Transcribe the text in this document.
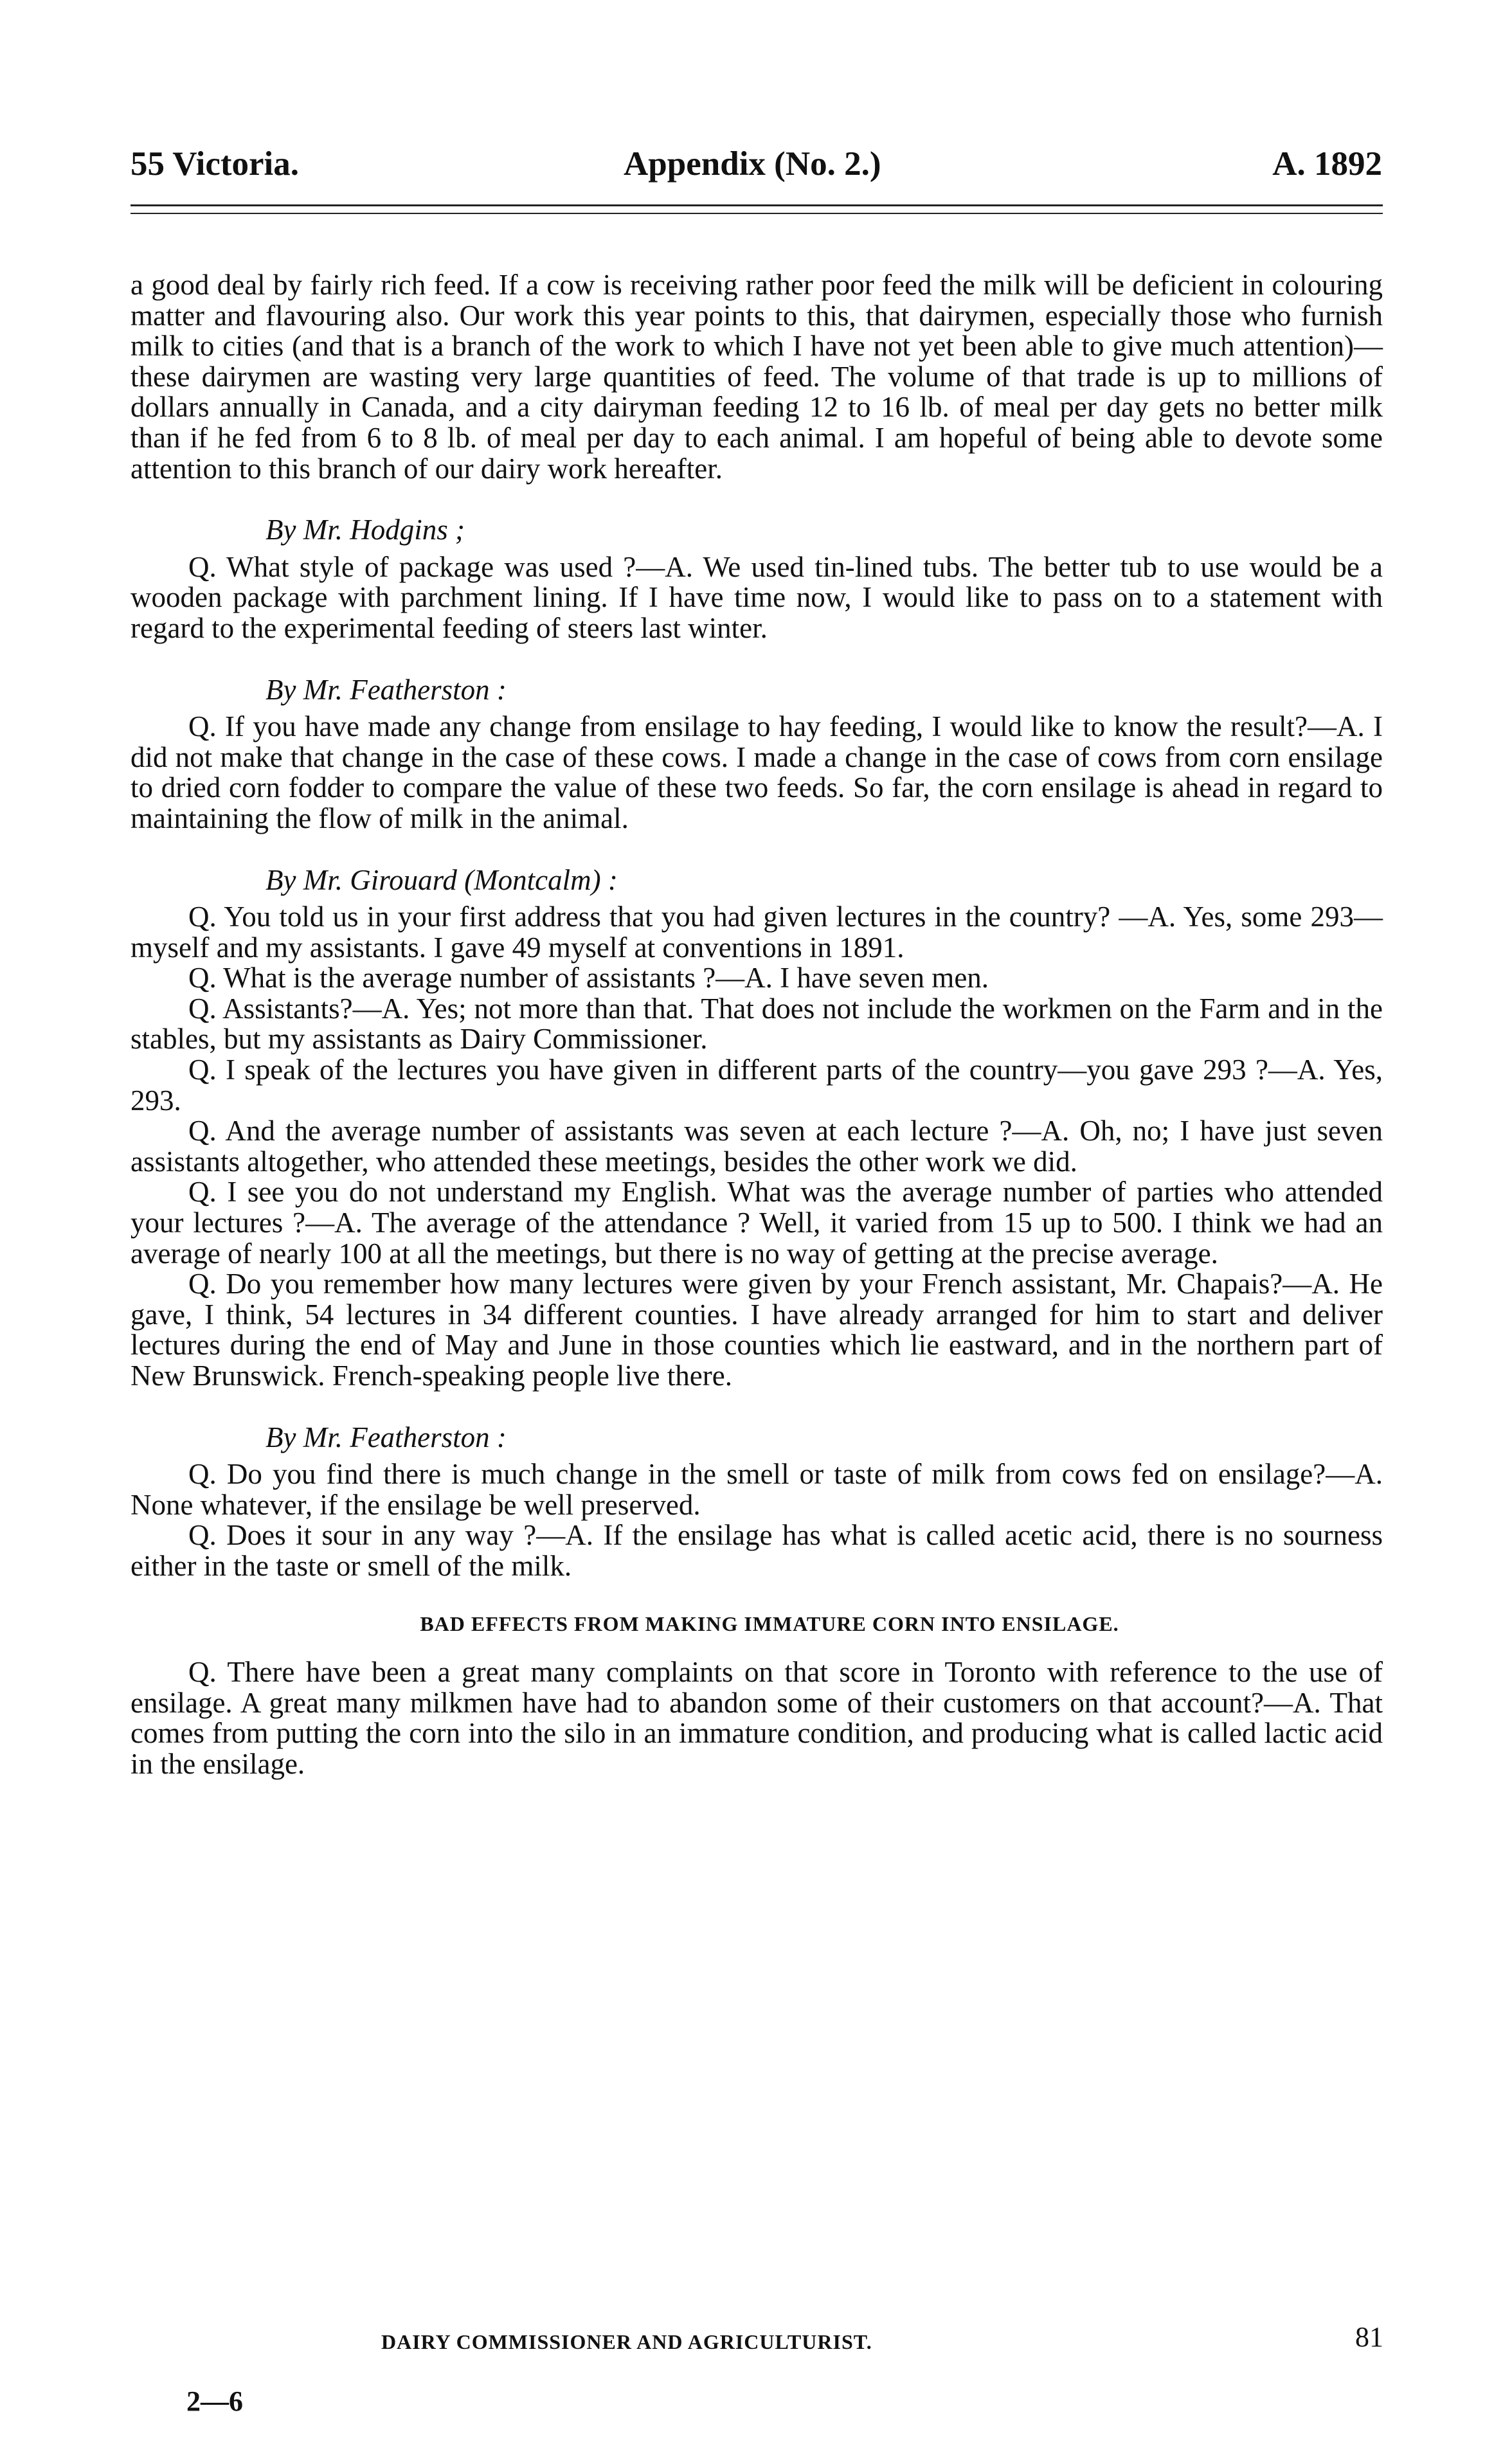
55 Victoria.	Appendix (No. 2.)	A. 1892

a good deal by fairly rich feed. If a cow is receiving rather poor feed the milk will be deficient in colouring matter and flavouring also. Our work this year points to this, that dairymen, especially those who furnish milk to cities (and that is a branch of the work to which I have not yet been able to give much attention)—these dairymen are wasting very large quantities of feed. The volume of that trade is up to millions of dollars annually in Canada, and a city dairyman feeding 12 to 16 lb. of meal per day gets no better milk than if he fed from 6 to 8 lb. of meal per day to each animal. I am hopeful of being able to devote some attention to this branch of our dairy work hereafter.

By Mr. Hodgins ;

Q. What style of package was used ?—A. We used tin-lined tubs. The better tub to use would be a wooden package with parchment lining. If I have time now, I would like to pass on to a statement with regard to the experimental feeding of steers last winter.

By Mr. Featherston :

Q. If you have made any change from ensilage to hay feeding, I would like to know the result?—A. I did not make that change in the case of these cows. I made a change in the case of cows from corn ensilage to dried corn fodder to compare the value of these two feeds. So far, the corn ensilage is ahead in regard to maintaining the flow of milk in the animal.

By Mr. Girouard (Montcalm) :

Q. You told us in your first address that you had given lectures in the country? —A. Yes, some 293—myself and my assistants. I gave 49 myself at conventions in 1891.

Q. What is the average number of assistants ?—A. I have seven men.

Q. Assistants?—A. Yes; not more than that. That does not include the workmen on the Farm and in the stables, but my assistants as Dairy Commissioner.

Q. I speak of the lectures you have given in different parts of the country—you gave 293 ?—A. Yes, 293.

Q. And the average number of assistants was seven at each lecture ?—A. Oh, no; I have just seven assistants altogether, who attended these meetings, besides the other work we did.

Q. I see you do not understand my English. What was the average number of parties who attended your lectures ?—A. The average of the attendance ? Well, it varied from 15 up to 500. I think we had an average of nearly 100 at all the meetings, but there is no way of getting at the precise average.

Q. Do you remember how many lectures were given by your French assistant, Mr. Chapais?—A. He gave, I think, 54 lectures in 34 different counties. I have already arranged for him to start and deliver lectures during the end of May and June in those counties which lie eastward, and in the northern part of New Brunswick. French-speaking people live there.

By Mr. Featherston :

Q. Do you find there is much change in the smell or taste of milk from cows fed on ensilage?—A. None whatever, if the ensilage be well preserved.

Q. Does it sour in any way ?—A. If the ensilage has what is called acetic acid, there is no sourness either in the taste or smell of the milk.

BAD EFFECTS FROM MAKING IMMATURE CORN INTO ENSILAGE.

Q. There have been a great many complaints on that score in Toronto with reference to the use of ensilage. A great many milkmen have had to abandon some of their customers on that account?—A. That comes from putting the corn into the silo in an immature condition, and producing what is called lactic acid in the ensilage.

DAIRY COMMISSIONER AND AGRICULTURIST.	81
2—6
